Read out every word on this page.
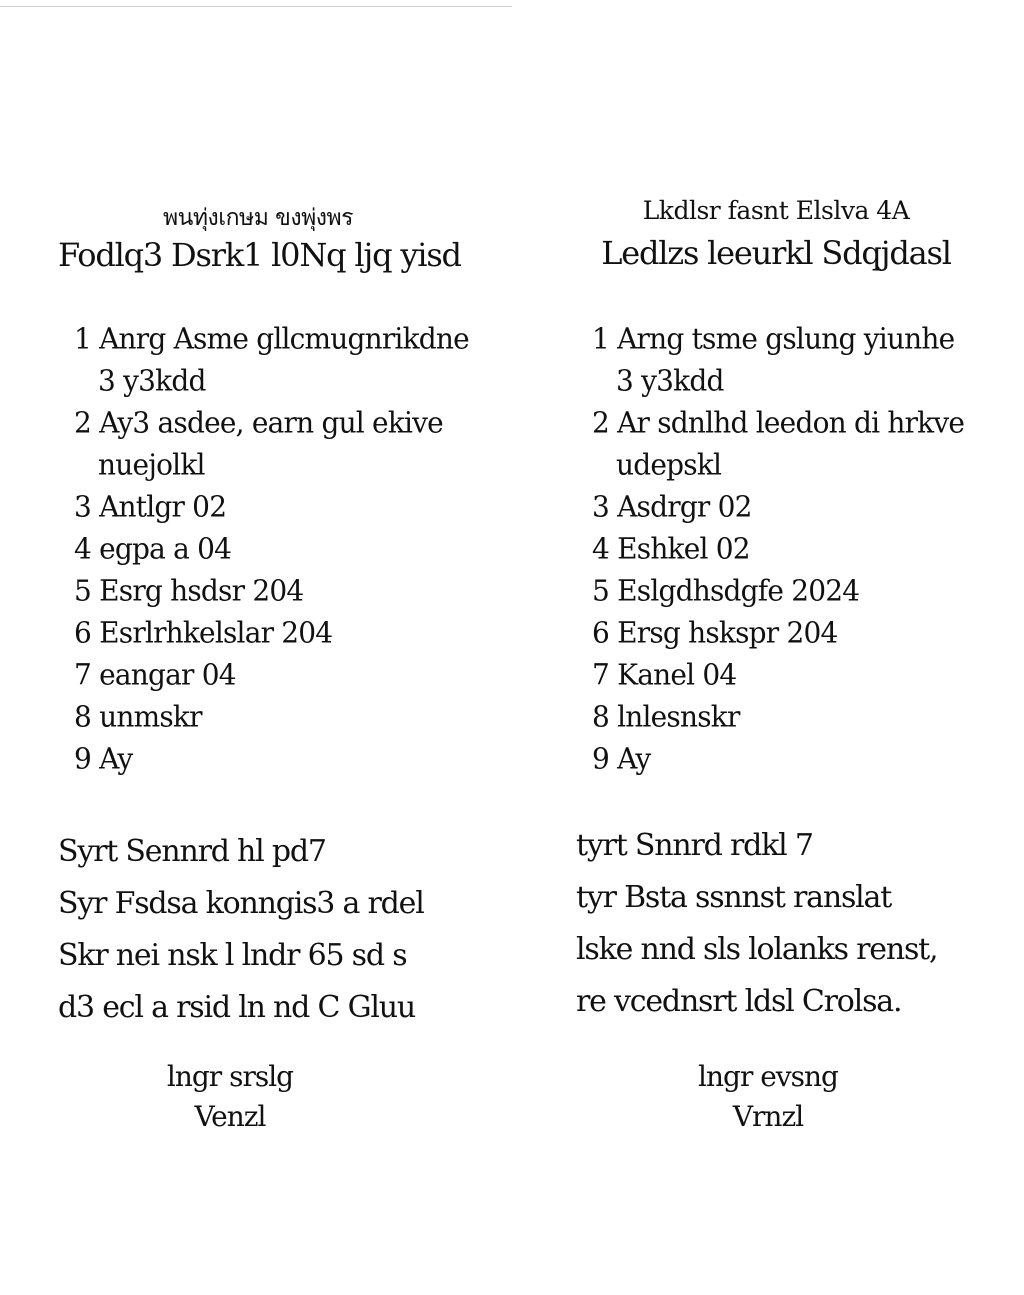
พนทุ่งเกษม ขงพุ่งพร
Fodlq3 Dsrk1 l0Nq ljq yisd
1 Anrg Asme gllcmugnrikdne
3 y3kdd
2 Ay3 asdee, earn gul ekive
nuejolkl
3 Antlgr 02
4 egpa a 04
5 Esrg hsdsr 204
6 Esrlrhkelslar 204
7 eangar 04
8 unmskr
9 Ay
Syrt Sennrd hl pd7
Syr Fsdsa konngis3 a rdel
Skr nei nsk l lndr 65 sd s
d3 ecl a rsid ln nd C Gluu
lngr srslg
Venzl
Lkdlsr fasnt Elslva 4A
Ledlzs leeurkl Sdqjdasl
1 Arng tsme gslung yiunhe
3 y3kdd
2 Ar sdnlhd leedon di hrkve
udepskl
3 Asdrgr 02
4 Eshkel 02
5 Eslgdhsdgfe 2024
6 Ersg hskspr 204
7 Kanel 04
8 lnlesnskr
9 Ay
tyrt Snnrd rdkl 7
tyr Bsta ssnnst ranslat
lske nnd sls lolanks renst,
re vcednsrt ldsl Crolsa.
lngr evsng
Vrnzl
